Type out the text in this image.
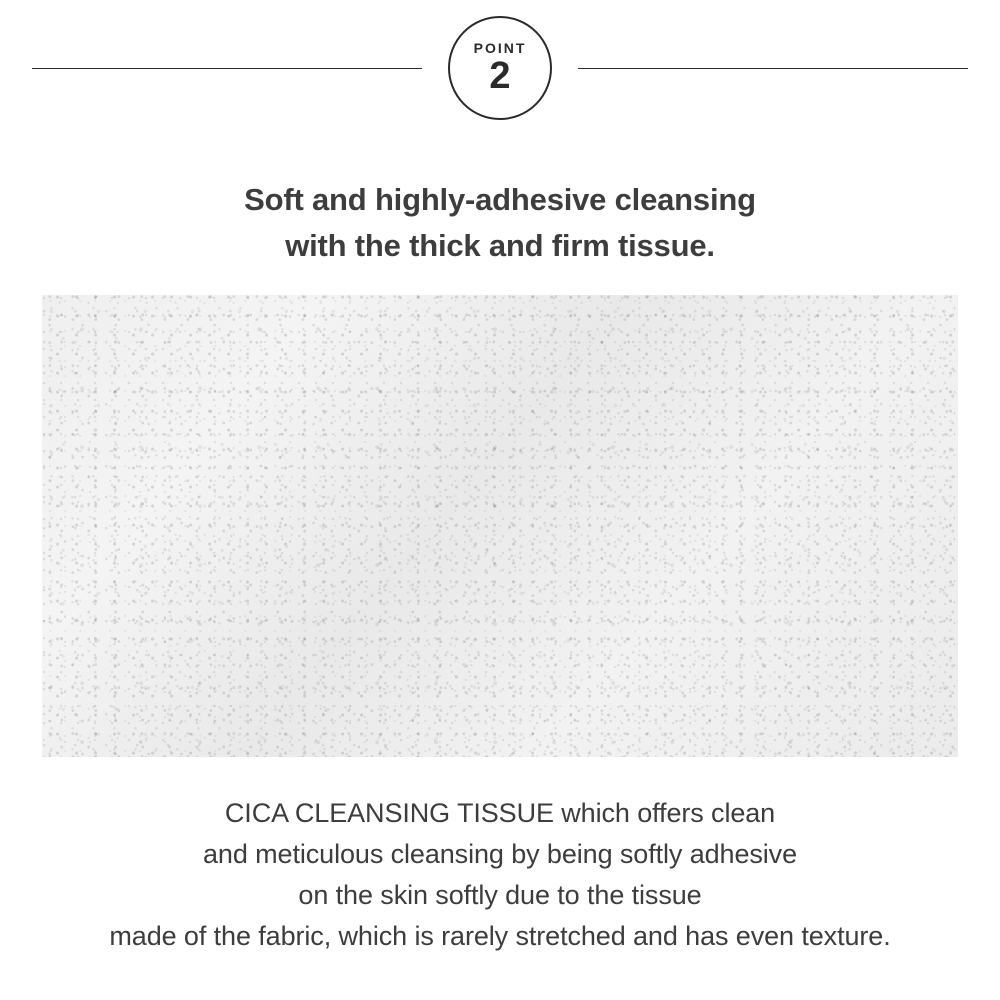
POINT
2
Soft and highly-adhesive cleansing
with the thick and firm tissue.
CICA CLEANSING TISSUE which offers clean
and meticulous cleansing by being softly adhesive
on the skin softly due to the tissue
made of the fabric, which is rarely stretched and has even texture.
